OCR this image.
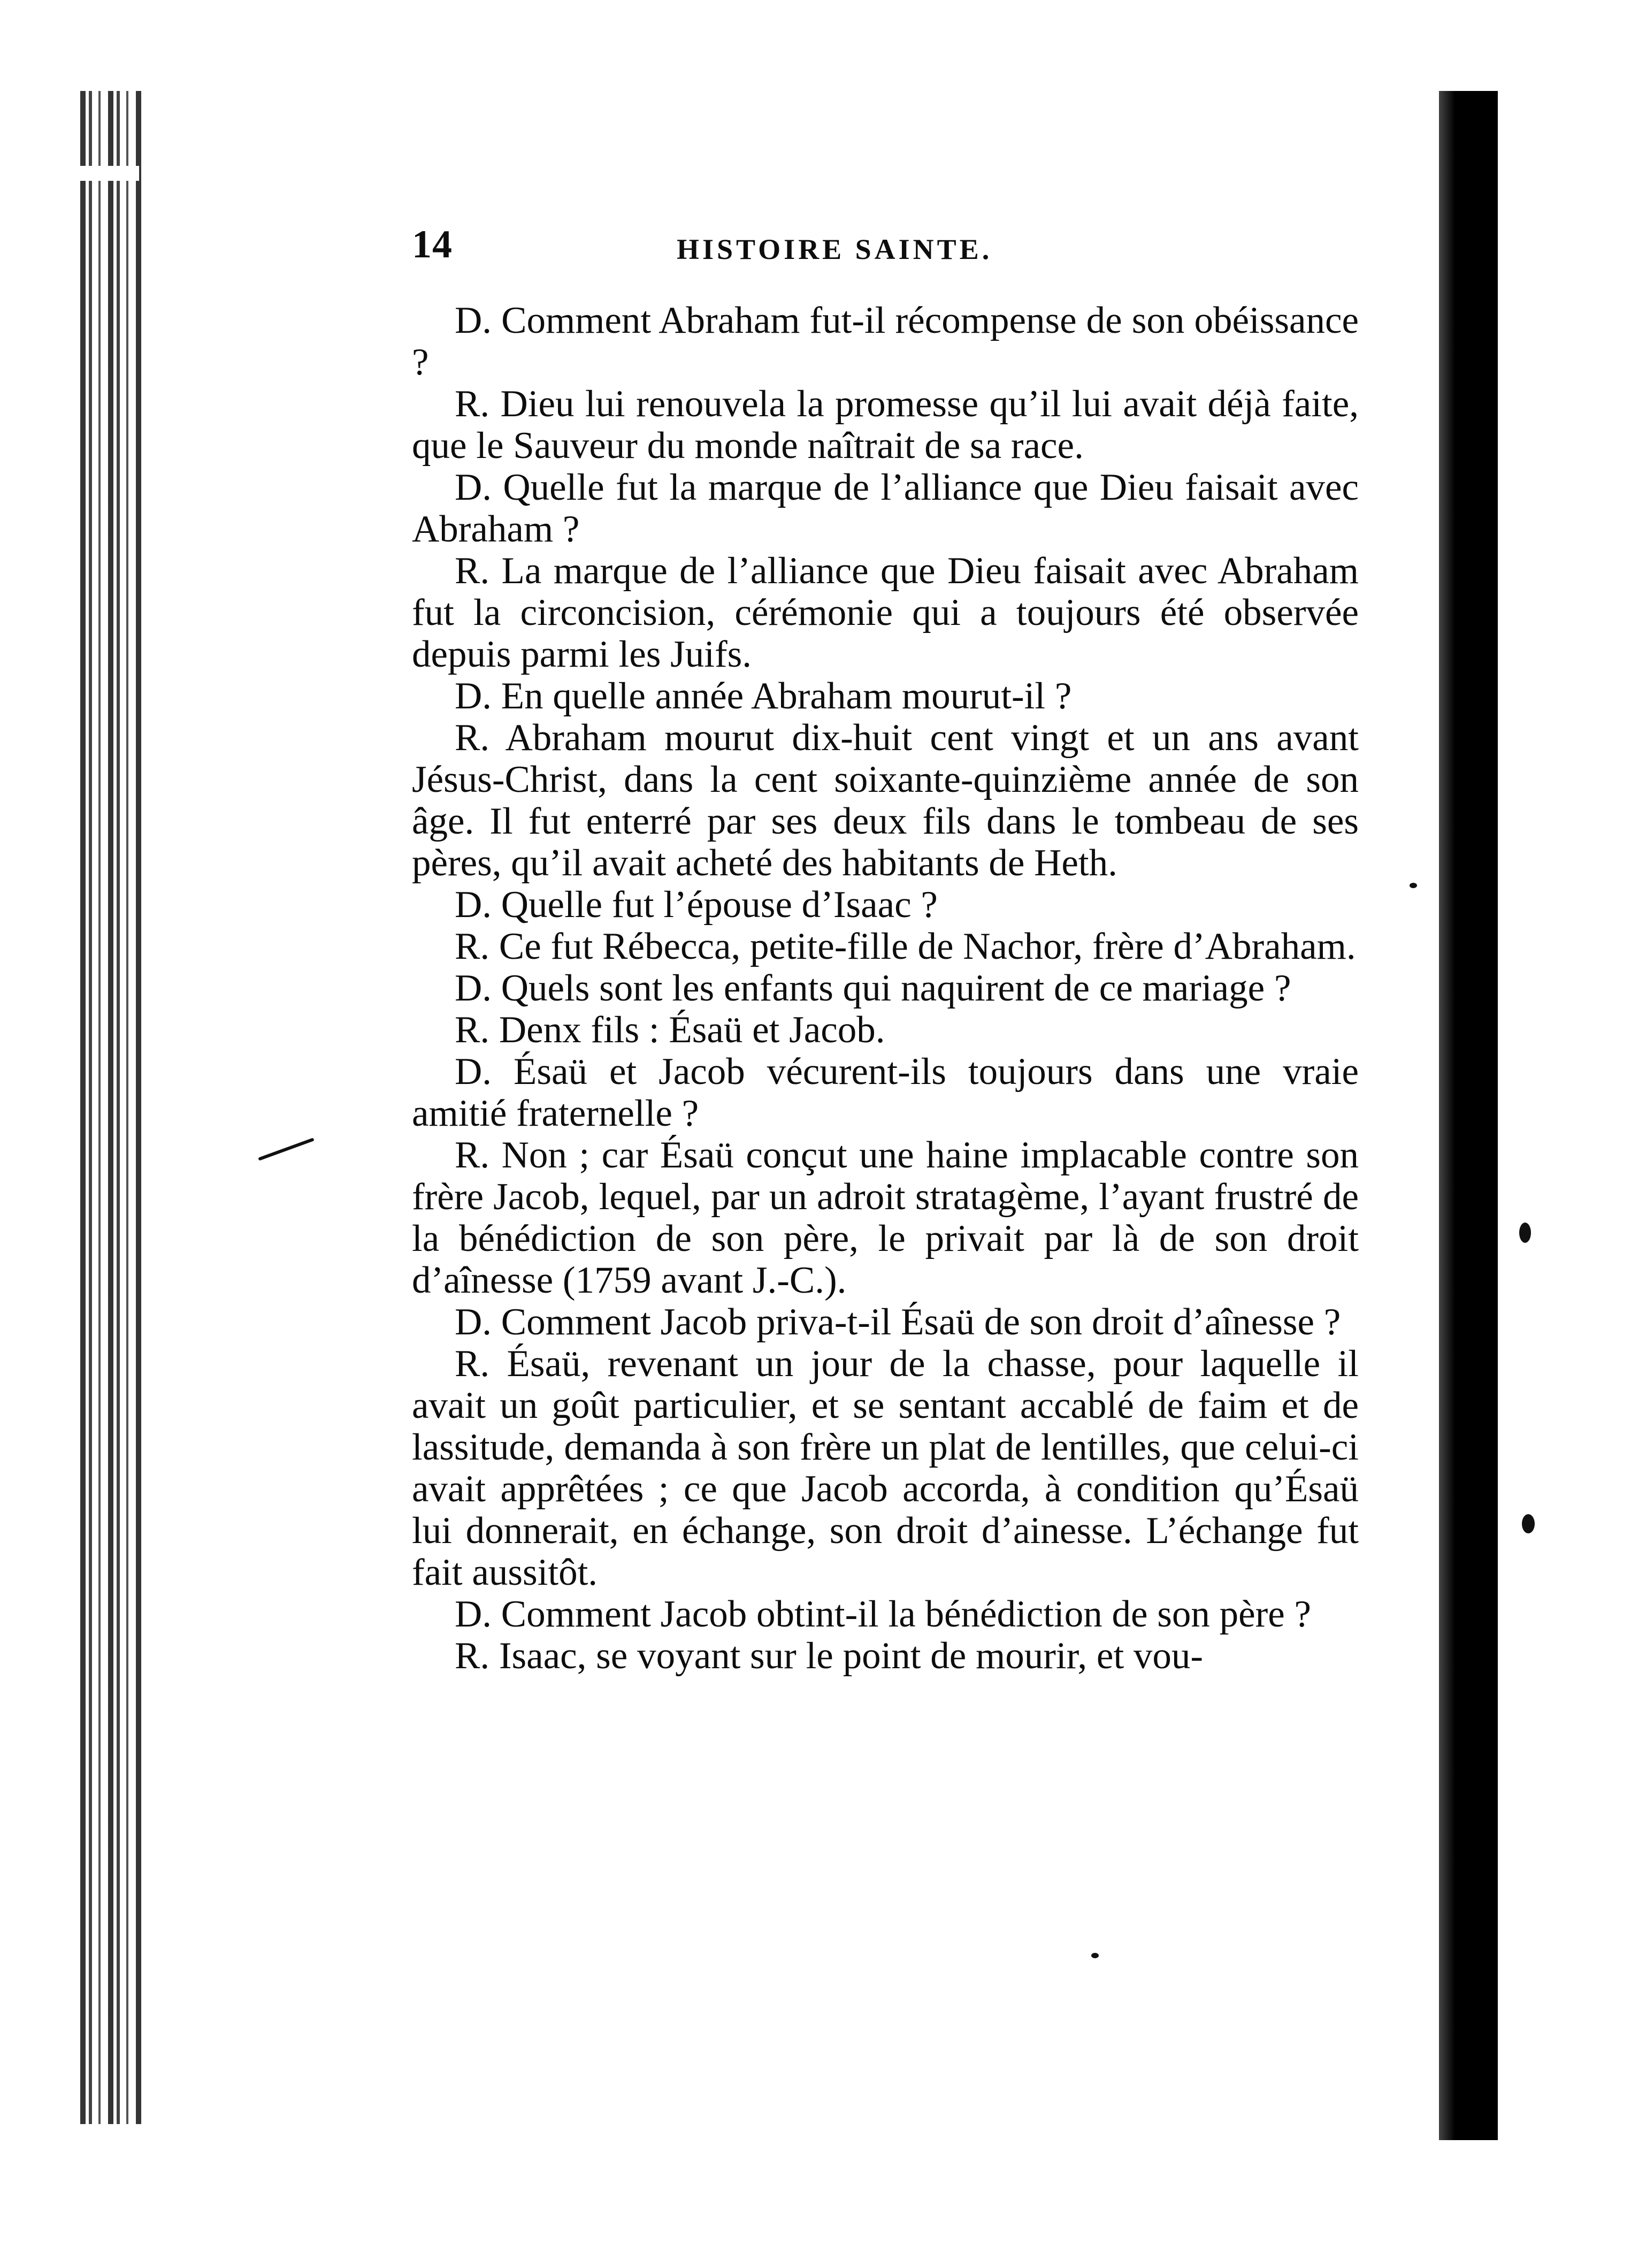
14	HISTOIRE SAINTE.

D. Comment Abraham fut-il récompense de son obéissance ?

R. Dieu lui renouvela la promesse qu’il lui avait déjà faite, que le Sauveur du monde naîtrait de sa race.

D. Quelle fut la marque de l’alliance que Dieu faisait avec Abraham ?

R. La marque de l’alliance que Dieu faisait avec Abraham fut la circoncision, cérémonie qui a toujours été observée depuis parmi les Juifs.

D. En quelle année Abraham mourut-il ?

R. Abraham mourut dix-huit cent vingt et un ans avant Jésus-Christ, dans la cent soixante-quinzième année de son âge. Il fut enterré par ses deux fils dans le tombeau de ses pères, qu’il avait acheté des habitants de Heth.

D. Quelle fut l’épouse d’Isaac ?

R. Ce fut Rébecca, petite-fille de Nachor, frère d’Abraham.

D. Quels sont les enfants qui naquirent de ce mariage ?

R. Denx fils : Ésaü et Jacob.

D. Ésaü et Jacob vécurent-ils toujours dans une vraie amitié fraternelle ?

R. Non ; car Ésaü conçut une haine implacable contre son frère Jacob, lequel, par un adroit stratagème, l’ayant frustré de la bénédiction de son père, le privait par là de son droit d’aînesse (1759 avant J.-C.).

D. Comment Jacob priva-t-il Ésaü de son droit d’aînesse ?

R. Ésaü, revenant un jour de la chasse, pour laquelle il avait un goût particulier, et se sentant accablé de faim et de lassitude, demanda à son frère un plat de lentilles, que celui-ci avait apprêtées ; ce que Jacob accorda, à condition qu’Ésaü lui donnerait, en échange, son droit d’ainesse. L’échange fut fait aussitôt.

D. Comment Jacob obtint-il la bénédiction de son père ?

R. Isaac, se voyant sur le point de mourir, et vou-
